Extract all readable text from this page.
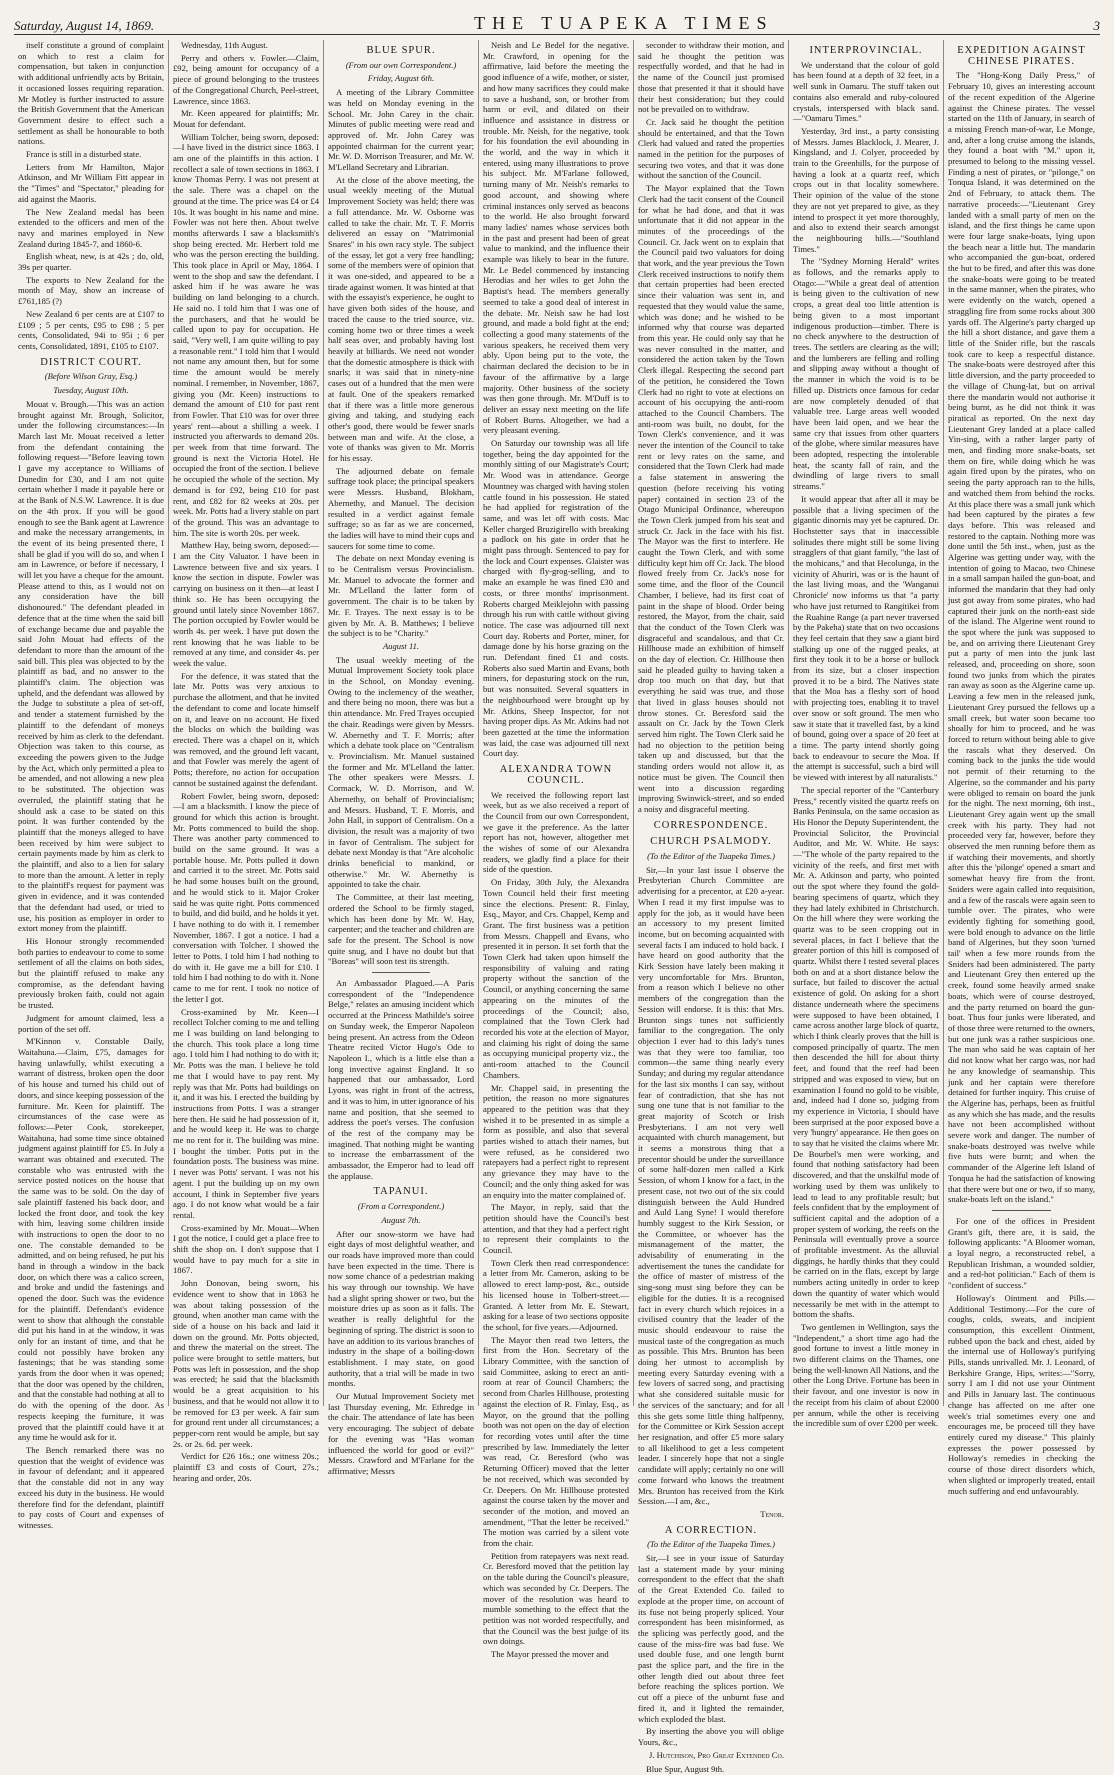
Saturday, August 14, 1869.	THE TUAPEKA TIMES	3

itself constitute a ground of complaint on which to rest a claim for compensation, but taken in conjunction with additional unfriendly acts by Britain, it occasioned losses requiring reparation. Mr Motley is further instructed to assure the British Government that the American Government desire to effect such a settlement as shall be honourable to both nations.

France is still in a disturbed state.

Letters from Mr Hamilton, Major Atkinson, and Mr William Fitt appear in the "Times" and "Spectator," pleading for aid against the Maoris.

The New Zealand medal has been extended to the officers and men of the navy and marines employed in New Zealand during 1845-7, and 1860-6.

English wheat, new, is at 42s ; do, old, 39s per quarter.

The exports to New Zealand for the month of May, show an increase of £761,185 (?)

New Zealand 6 per cents are at £107 to £109 ; 5 per cents, £95 to £98 ; 5 per cents, Consolidated, 94i to 95i ; 6 per cents, Consolidated, 1891, £105 to £107.

DISTRICT COURT.
(Before Wilson Gray, Esq.)
Tuesday, August 10th.

Mouat v. Brough.—This was an action brought against Mr. Brough, Solicitor, under the following circumstances:—In March last Mr. Mouat received a letter from the defendant containing the following request—"Before leaving town I gave my acceptance to Williams of Dunedin for £30, and I am not quite certain whether I made it payable here or at the Bank of N.S.W. Lawrence. It is due on the 4th prox. If you will be good enough to see the Bank agent at Lawrence and make the necessary arrangements, in the event of its being presented there, I shall be glad if you will do so, and when I am in Lawrence, or before if necessary, I will let you have a cheque for the amount. Please attend to this, as I would not on any consideration have the bill dishonoured." The defendant pleaded in defence that at the time when the said bill of exchange became due and payable the said John Mouat had effects of the defendant to more than the amount of the said bill. This plea was objected to by the plaintiff as bad, and no answer to the plaintiff's claim. The objection was upheld, and the defendant was allowed by the Judge to substitute a plea of set-off, and tender a statement furnished by the plaintiff to the defendant of moneys received by him as clerk to the defendant. Objection was taken to this course, as exceeding the powers given to the Judge by the Act, which only permitted a plea to be amended, and not allowing a new plea to be substituted. The objection was overruled, the plaintiff stating that he should ask a case to be stated on this point. It was further contended by the plaintiff that the moneys alleged to have been received by him were subject to certain payments made by him as clerk to the plaintiff, and also to a lien for salary to more than the amount. A letter in reply to the plaintiff's request for payment was given in evidence, and it was contended that the defendant had used, or tried to use, his position as employer in order to extort money from the plaintiff.

His Honour strongly recommended both parties to endeavour to come to some settlement of all the claims on both sides, but the plaintiff refused to make any compromise, as the defendant having previously broken faith, could not again be trusted.

Judgment for amount claimed, less a portion of the set off.

M'Kinnon v. Constable Daily, Waitahuna.—Claim, £75, damages for having unlawfully, whilst executing a warrant of distress, broken open the door of his house and turned his child out of doors, and since keeping possession of the furniture. Mr. Keen for plaintiff. The circumstances of the case were as follows:—Peter Cook, storekeeper, Waitahuna, had some time since obtained judgment against plaintiff for £5. In July a warrant was obtained and executed. The constable who was entrusted with the service posted notices on the house that the same was to be sold. On the day of sale plaintiff fastened his back door, and locked the front door, and took the key with him, leaving some children inside with instructions to open the door to no one. The constable demanded to be admitted, and on being refused, he put his hand in through a window in the back door, on which there was a calico screen, and broke and undid the fastenings and opened the door. Such was the evidence for the plaintiff. Defendant's evidence went to show that although the constable did put his hand in at the window, it was only for an instant of time, and that he could not possibly have broken any fastenings; that he was standing some yards from the door when it was opened; that the door was opened by the children, and that the constable had nothing at all to do with the opening of the door. As respects keeping the furniture, it was proved that the plaintiff could have it at any time he would ask for it.

The Bench remarked there was no question that the weight of evidence was in favour of defendant; and it appeared that the constable did not in any way exceed his duty in the business. He would therefore find for the defendant, plaintiff to pay costs of Court and expenses of witnesses.

Wednesday, 11th August.

Perry and others v. Fowler.—Claim, £92, being amount for occupancy of a piece of ground belonging to the trustees of the Congregational Church, Peel-street, Lawrence, since 1863.

Mr. Keen appeared for plaintiffs; Mr. Mouat for defendant.

William Tolcher, being sworn, deposed:—I have lived in the district since 1863. I am one of the plaintiffs in this action. I recollect a sale of town sections in 1863. I know Thomas Perry. I was not present at the sale. There was a chapel on the ground at the time. The price was £4 or £4 10s. It was bought in his name and mine. Fowler was not here then. About twelve months afterwards I saw a blacksmith's shop being erected. Mr. Herbert told me who was the person erecting the building. This took place in April or May, 1864. I went to the shop and saw the defendant. I asked him if he was aware he was building on land belonging to a church. He said no. I told him that I was one of the purchasers, and that he would be called upon to pay for occupation. He said, "Very well, I am quite willing to pay a reasonable rent." I told him that I would not name any amount then, but for some time the amount would be merely nominal. I remember, in November, 1867, giving you (Mr. Keen) instructions to demand the amount of £10 for past rent from Fowler. That £10 was for over three years' rent—about a shilling a week. I instructed you afterwards to demand 20s. per week from that time forward. The ground is next the Victoria Hotel. He occupied the front of the section. I believe he occupied the whole of the section. My demand is for £92, being £10 for past rent, and £82 for 82 weeks at 20s. per week. Mr. Potts had a livery stable on part of the ground. This was an advantage to him. The site is worth 20s. per week.

Matthew Hay, being sworn, deposed:—I am the City Valuator. I have been in Lawrence between five and six years. I know the section in dispute. Fowler was carrying on business on it then—at least I think so. He has been occupying the ground until lately since November 1867. The portion occupied by Fowler would be worth 4s. per week. I have put down the rent knowing that he was liable to be removed at any time, and consider 4s. per week the value.

For the defence, it was stated that the late Mr. Potts was very anxious to purchase the allotment, and that he invited the defendant to come and locate himself on it, and leave on no account. He fixed the blocks on which the building was erected. There was a chapel on it, which was removed, and the ground left vacant, and that Fowler was merely the agent of Potts; therefore, no action for occupation cannot be sustained against the defendant.

Robert Fowler, being sworn, deposed:—I am a blacksmith. I know the piece of ground for which this action is brought. Mr. Potts commenced to build the shop. There was another party commenced to build on the same ground. It was a portable house. Mr. Potts pulled it down and carried it to the street. Mr. Potts said he had some houses built on the ground, and he would stick to it. Major Croker said he was quite right. Potts commenced to build, and did build, and he holds it yet. I have nothing to do with it. I remember November, 1867. I got a notice. I had a conversation with Tolcher. I showed the letter to Potts. I told him I had nothing to do with it. He gave me a bill for £10. I told him I had nothing to do with it. None came to me for rent. I took no notice of the letter I got.

Cross-examined by Mr. Keen—I recollect Tolcher coming to me and telling me I was building on land belonging to the church. This took place a long time ago. I told him I had nothing to do with it; Mr. Potts was the man. I believe he told me that I would have to pay rent. My reply was that Mr. Potts had buildings on it, and it was his. I erected the building by instructions from Potts. I was a stranger here then. He said he had possession of it, and he would keep it. He was to charge me no rent for it. The building was mine. I bought the timber. Potts put in the foundation posts. The business was mine. I never was Potts' servant. I was not his agent. I put the building up on my own account, I think in September five years ago. I do not know what would be a fair rental.

Cross-examined by Mr. Mouat—When I got the notice, I could get a place free to shift the shop on. I don't suppose that I would have to pay much for a site in 1867.

John Donovan, being sworn, his evidence went to show that in 1863 he was about taking possession of the ground, when another man came with the side of a house on his back and laid it down on the ground. Mr. Potts objected, and threw the material on the street. The police were brought to settle matters, but Potts was left in possession, and the shop was erected; he said that the blacksmith would be a great acquisition to his business, and that he would not allow it to be removed for £3 per week. A fair sum for ground rent under all circumstances; a pepper-corn rent would be ample, but say 2s. or 2s. 6d. per week.

Verdict for £26 16s.; one witness 20s.; plaintiff £3 and costs of Court, 27s.; hearing and order, 20s.

BLUE SPUR.
(From our own Correspondent.)
Friday, August 6th.

A meeting of the Library Committee was held on Monday evening in the School. Mr. John Carey in the chair. Minutes of public meeting were read and approved of. Mr. John Carey was appointed chairman for the current year; Mr. W. D. Morrison Treasurer, and Mr. W. M'Lelland Secretary and Librarian.

At the close of the above meeting, the usual weekly meeting of the Mutual Improvement Society was held; there was a full attendance. Mr. W. Osborne was called to take the chair. Mr. T. F. Morris delivered an essay on "Matrimonial Snares" in his own racy style. The subject of the essay, let got a very free handling; some of the members were of opinion that it was one-sided, and appeared to be a tirade against women. It was hinted at that with the essayist's experience, he ought to have given both sides of the house, and traced the cause to the tried source, viz. coming home two or three times a week half seas over, and probably having lost heavily at billiards. We need not wonder that the domestic atmosphere is thick with snarls; it was said that in ninety-nine cases out of a hundred that the men were at fault. One of the speakers remarked that if there was a little more generous giving and taking, and studying each other's good, there would be fewer snarls between man and wife. At the close, a vote of thanks was given to Mr. Morris for his essay.

The adjourned debate on female suffrage took place; the principal speakers were Messrs. Husband, Blokham, Abernethy, and Manuel. The decision resulted in a verdict against female suffrage; so as far as we are concerned, the ladies will have to mind their cups and saucers for some time to come.

The debate on next Monday evening is to be Centralism versus Provincialism. Mr. Manuel to advocate the former and Mr. M'Lelland the latter form of government. The chair is to be taken by Mr. F. Trayes. The next essay is to be given by Mr. A. B. Matthews; I believe the subject is to be "Charity."

August 11.

The usual weekly meeting of the Mutual Improvement Society took place in the School, on Monday evening. Owing to the inclemency of the weather, and there being no moon, there was but a thin attendance. Mr. Fred Trayes occupied the chair. Readings were given by Messrs. W. Abernethy and T. F. Morris; after which a debate took place on "Centralism v. Provincialism. Mr. Manuel sustained the former and Mr. M'Lelland the latter. The other speakers were Messrs. J. Cormack, W. D. Morrison, and W. Abernethy, on behalf of Provincialism; and Messrs. Husband, T. F. Morris, and John Hall, in support of Centralism. On a division, the result was a majority of two in favor of Centralism. The subject for debate next Monday is that "Are alcoholic drinks beneficial to mankind, or otherwise." Mr. W. Abernethy is appointed to take the chair.

The Committee, at their last meeting, ordered the School to be firmly staged, which has been done by Mr. W. Hay, carpenter; and the teacher and children are safe for the present. The School is now quite snug, and I have no doubt but that "Boreas" will soon test its strength.

An Ambassador Plagued.—A Paris correspondent of the "Independence Belge," relates an amusing incident which occurred at the Princess Mathilde's soiree on Sunday week, the Emperor Napoleon being present. An actress from the Odeon Theatre recited Victor Hugo's Ode to Napoleon I., which is a little else than a long invective against England. It so happened that our ambassador, Lord Lyons, was right in front of the actress, and it was to him, in utter ignorance of his name and position, that she seemed to address the poet's verses. The confusion of the rest of the company may be imagined. That nothing might be wanting to increase the embarrassment of the ambassador, the Emperor had to lead off the applause.

TAPANUI.
(From a Correspondent.)
August 7th.

After our snow-storm we have had eight days of most delightful weather, and our roads have improved more than could have been expected in the time. There is now some chance of a pedestrian making his way through our township. We have had a slight spring shower or two, but the moisture dries up as soon as it falls. The weather is really delightful for the beginning of spring. The district is soon to have an addition to its various branches of industry in the shape of a boiling-down establishment. I may state, on good authority, that a trial will be made in two months.

Our Mutual Improvement Society met last Thursday evening, Mr. Ethredge in the chair. The attendance of late has been very encouraging. The subject of debate for the evening was "Has woman influenced the world for good or evil?" Messrs. Crawford and M'Farlane for the affirmative; Messrs

Neish and Le Bedel for the negative. Mr. Crawford, in opening for the affirmative, laid before the meeting the good influence of a wife, mother, or sister, and how many sacrifices they could make to save a husband, son, or brother from harm or evil, and dilated on their influence and assistance in distress or trouble. Mr. Neish, for the negative, took for his foundation the evil abounding in the world, and the way in which it entered, using many illustrations to prove his subject. Mr. M'Farlane followed, turning many of Mr. Neish's remarks to good account, and showing where criminal instances only served as beacons to the world. He also brought forward many ladies' names whose services both in the past and present had been of great value to mankind, and the influence their example was likely to bear in the future. Mr. Le Bedel commenced by instancing Herodias and her wiles to get John the Baptist's head. The members generally seemed to take a good deal of interest in the debate. Mr. Neish saw he had lost ground, and made a bold fight at the end; collecting a good many statements of the various speakers, he received them very ably. Upon being put to the vote, the chairman declared the decision to be in favour of the affirmative by a large majority. Other business of the society was then gone through. Mr. M'Duff is to deliver an essay next meeting on the life of Robert Burns. Altogether, we had a very pleasant evening.

On Saturday our township was all life together, being the day appointed for the monthly sitting of our Magistrate's Court; Mr. Wood was in attendance. George Mountney was charged with having stolen cattle found in his possession. He stated he had applied for registration of the same, and was let off with costs. Mac Keller charged Bruzigirello with breaking a padlock on his gate in order that he might pass through. Sentenced to pay for the lock and Court expenses. Glaister was charged with fly-grog-selling, and to make an example he was fined £30 and costs, or three months' imprisonment. Roberts charged Meiklejohn with passing through his run with cattle without giving notice. The case was adjourned till next Court day. Roberts and Porter, miner, for damage done by his horse grazing on the run. Defendant fined £1 and costs. Roberts also sued Martin and Evans, both miners, for depasturing stock on the run, but was nonsuited. Several squatters in the neighbourhood were brought up by Mr. Atkins, Sheep Inspector, for not having proper dips. As Mr. Atkins had not been gazetted at the time the information was laid, the case was adjourned till next Court day.

ALEXANDRA TOWN COUNCIL.

We received the following report last week, but as we also received a report of the Council from our own Correspondent, we gave it the preference. As the latter report has not, however, altogether met the wishes of some of our Alexandra readers, we gladly find a place for their side of the question.

On Friday, 30th July, the Alexandra Town Council held their first meeting since the elections. Present: R. Finlay, Esq., Mayor, and Crs. Chappel, Kemp and Grant. The first business was a petition from Messrs. Chappell and Evans, who presented it in person. It set forth that the Town Clerk had taken upon himself the responsibility of valuing and rating property without the sanction of the Council, or anything concerning the same appearing on the minutes of the proceedings of the Council; also, complained that the Town Clerk had recorded his vote at the election of Mayor, and claiming his right of doing the same as occupying municipal property viz., the anti-room attached to the Council Chambers.

Mr. Chappel said, in presenting the petition, the reason no more signatures appeared to the petition was that they wished it to be presented in as simple a form as possible, and also that several parties wished to attach their names, but were refused, as he considered two ratepayers had a perfect right to represent any grievance they may have to the Council; and the only thing asked for was an enquiry into the matter complained of.

The Mayor, in reply, said that the petition should have the Council's best attention, and that they had a perfect right to represent their complaints to the Council.

Town Clerk then read correspondence: a letter from Mr. Cameron, asking to be allowed to erect lamp-post, &c., outside his licensed house in Tolbert-street.—Granted. A letter from Mr. E. Stewart, asking for a lease of two sections opposite the school, for five years.—Adjourned.

The Mayor then read two letters, the first from the Hon. Secretary of the Library Committee, with the sanction of said Committee, asking to erect an anti-room at rear of Council Chambers; the second from Charles Hillhouse, protesting against the election of R. Finlay, Esq., as Mayor, on the ground that the polling booth was not open on the day of election for recording votes until after the time prescribed by law. Immediately the letter was read, Cr. Beresford (who was Returning Officer) moved that the letter be not received, which was seconded by Cr. Deepers. On Mr. Hillhouse protested against the course taken by the mover and seconder of the motion, and moved an amendment, "That the letter be received." The motion was carried by a silent vote from the chair.

Petition from ratepayers was next read. Cr. Beresford moved that the petition lay on the table during the Council's pleasure, which was seconded by Cr. Deepers. The mover of the resolution was heard to mumble something to the effect that the petition was not worded respectfully, and that the Council was the best judge of its own doings.

The Mayor pressed the mover and

seconder to withdraw their motion, and said he thought the petition was respectfully worded, and that he had in the name of the Council just promised those that presented it that it should have their best consideration; but they could not be prevailed on to withdraw.

Cr. Jack said he thought the petition should be entertained, and that the Town Clerk had valued and rated the properties named in the petition for the purposes of securing two votes, and that it was done without the sanction of the Council.

The Mayor explained that the Town Clerk had the tacit consent of the Council for what he had done, and that it was unfortunate that it did not appear in the minutes of the proceedings of the Council. Cr. Jack went on to explain that the Council paid two valuators for doing that work, and the year previous the Town Clerk received instructions to notify them that certain properties had been erected since their valuation was sent in, and requested that they would value the same, which was done; and he wished to be informed why that course was departed from this year. He could only say that he was never consulted in the matter, and considered the action taken by the Town Clerk illegal. Respecting the second part of the petition, he considered the Town Clerk had no right to vote at elections on account of his occupying the anti-room attached to the Council Chambers. The anti-room was built, no doubt, for the Town Clerk's convenience, and it was never the intention of the Council to take rent or levy rates on the same, and considered that the Town Clerk had made a false statement in answering the question (before receiving his voting paper) contained in section 23 of the Otago Municipal Ordinance, whereupon the Town Clerk jumped from his seat and struck Cr. Jack in the face with his fist. The Mayor was the first to interfere. He caught the Town Clerk, and with some difficulty kept him off Cr. Jack. The blood flowed freely from Cr. Jack's nose for some time, and the floor of the Council Chamber, I believe, had its first coat of paint in the shape of blood. Order being restored, the Mayor, from the chair, said that the conduct of the Town Clerk was disgraceful and scandalous, and that Cr. Hillhouse made an exhibition of himself on the day of election. Cr. Hillhouse then said he pleaded guilty to having taken a drop too much on that day, but that everything he said was true, and those that lived in glass houses should not throw stones. Cr. Beresford said the assault on Cr. Jack by the Town Clerk served him right. The Town Clerk said he had no objection to the petition being taken up and discussed, but that the standing orders would not allow it, as notice must be given. The Council then went into a discussion regarding improving Swinwick-street, and so ended a noisy and disgraceful meeting.

CORRESPONDENCE.
CHURCH PSALMODY.
(To the Editor of the Tuapeka Times.)

Sir,—In your last issue I observe the Presbyterian Church Committee are advertising for a precentor, at £20 a-year. When I read it my first impulse was to apply for the job, as it would have been an accessory to my present limited income, but on becoming acquainted with several facts I am induced to hold back. I have heard on good authority that the Kirk Session have lately been making it very uncomfortable for Mrs. Brunton, from a reason which I believe no other members of the congregation than the Session will endorse. It is this: that Mrs. Brunton sings tunes not sufficiently familiar to the congregation. The only objection I ever had to this lady's tunes was that they were too familiar, too common—the same thing nearly every Sunday; and during my regular attendance for the last six months I can say, without fear of contradiction, that she has not sung one tune that is not familiar to the great majority of Scotch or Irish Presbyterians. I am not very well acquainted with church management, but it seems a monstrous thing that a precentor should be under the surveillance of some half-dozen men called a Kirk Session, of whom I know for a fact, in the present case, not two out of the six could distinguish between the Auld Hundred and Auld Lang Syne! I would therefore humbly suggest to the Kirk Session, or the Committee, or whoever has the mismanagement of the matter, the advisability of enumerating in the advertisement the tunes the candidate for the office of master of mistress of the sing-song must sing before they can be eligible for the duties. It is a recognised fact in every church which rejoices in a civilised country that the leader of the music should endeavour to raise the musical taste of the congregation as much as possible. This Mrs. Brunton has been doing her utmost to accomplish by meeting every Saturday evening with a few lovers of sacred song, and practising what she considered suitable music for the services of the sanctuary; and for all this she gets some little thing halfpenny, for the Committee or Kirk Session accept her resignation, and offer £5 more salary to all likelihood to get a less competent leader. I sincerely hope that not a single candidate will apply; certainly no one will come forward who knows the treatment Mrs. Brunton has received from the Kirk Session.—I am, &c.,

Tenor.
A CORRECTION.
(To the Editor of the Tuapeka Times.)

Sir,—I see in your issue of Saturday last a statement made by your mining correspondent to the effect that the shaft of the Great Extended Co. failed to explode at the proper time, on account of its fuse not being properly spliced. Your correspondent has been misinformed, as the splicing was perfectly good, and the cause of the miss-fire was bad fuse. We used double fuse, and one length burnt past the splice part, and the fire in the other length died out about three feet before reaching the splices portion. We cut off a piece of the unburnt fuse and fired it, and it lighted the remainder, which exploded the blast.

By inserting the above you will oblige Yours, &c.,

J. Hutchison, Pro Great Extended Co.

Blue Spur, August 9th.

INTERPROVINCIAL.

We understand that the colour of gold has been found at a depth of 32 feet, in a well sunk in Oamaru. The stuff taken out contains also emerald and ruby-coloured crystals, interspersed with black sand.—"Oamaru Times."

Yesterday, 3rd inst., a party consisting of Messrs. James Blacklock, J. Mearer, J. Kingsland, and J. Colyer, proceeded by train to the Greenhills, for the purpose of having a look at a quartz reef, which crops out in that locality somewhere. Their opinion of the value of the stone they are not yet prepared to give, as they intend to prospect it yet more thoroughly, and also to extend their search amongst the neighbouring hills.—"Southland Times."

The "Sydney Morning Herald" writes as follows, and the remarks apply to Otago:—"While a great deal of attention is being given to the cultivation of new crops, a great deal too little attention is being given to a most important indigenous production—timber. There is no check anywhere to the destruction of trees. The settlers are clearing as the will; and the lumberers are felling and rolling and slipping away without a thought of the manner in which the void is to be filled up. Districts once famous for cedar are now completely denuded of that valuable tree. Large areas well wooded have been laid open, and we hear the same cry that issues from other quarters of the globe, where similar measures have been adopted, respecting the intolerable heat, the scanty fall of rain, and the dwindling of large rivers to small streams."

It would appear that after all it may be possible that a living specimen of the gigantic dinornis may yet be captured. Dr. Hochstetter says that in inaccessible solitudes there might still be some living stragglers of that giant family, "the last of the mohicans," and that Hecolunga, in the vicinity of Ahuriri, was or is the haunt of the last living moas, and the 'Wanganui Chronicle' now informs us that "a party who have just returned to Rangitikei from the Ruahine Range (a part never traversed by the Pakeha) state that on two occasions they feel certain that they saw a giant bird stalking up one of the rugged peaks, at first they took it to be a horse or bullock from its size, but a closer inspection proved it to be a bird. The Natives state that the Moa has a fleshy sort of hood with projecting toes, enabling it to travel over snow or soft ground. The men who saw it state that it travelled fast, by a kind of bound, going over a space of 20 feet at a time. The party intend shortly going back to endeavour to secure the Moa. If the attempt is successful, such a bird will be viewed with interest by all naturalists."

The special reporter of the "Canterbury Press," recently visited the quartz reefs on Banks Peninsula, on the same occasion as His Honor the Deputy Superintendent, the Provincial Solicitor, the Provincial Auditor, and Mr. W. White. He says:—"The whole of the party repaired to the vicinity of the reefs, and first met with Mr. A. Atkinson and party, who pointed out the spot where they found the gold-bearing specimens of quartz, which they they had lately exhibited in Christchurch. On the hill where they were working the quartz was to be seen cropping out in several places, in fact I believe that the greater portion of this hill is composed of quartz. Whilst there I tested several places both on and at a short distance below the surface, but failed to discover the actual existence of gold. On asking for a short distance underneath where the specimens were supposed to have been obtained, I came across another large block of quartz, which I think clearly proves that the hill is composed principally of quartz. The men then descended the hill for about thirty feet, and found that the reef had been stripped and was exposed to view, but on examination I found no gold to be visible, and, indeed had I done so, judging from my experience in Victoria, I should have been surprised at the poor exposed bove a very 'hungry' appearance. He then goes on to say that he visited the claims where Mr. De Bourbel's men were working, and found that nothing satisfactory had been discovered, and that the unskilful mode of working used by them was unlikely to lead to lead to any profitable result; but feels confident that by the employment of sufficient capital and the adoption of a proper system of working, the reefs on the Peninsula will eventually prove a source of profitable investment. As the alluvial diggings, he hardly thinks that they could be carried on in the flats, except by large numbers acting unitedly in order to keep down the quantity of water which would necessarily be met with in the attempt to bottom the shafts.

Two gentlemen in Wellington, says the "Independent," a short time ago had the good fortune to invest a little money in two different claims on the Thames, one being the well-known All Nations, and the other the Long Drive. Fortune has been in their favour, and one investor is now in the receipt from his claim of about £2000 per annum, while the other is receiving the incredible sum of over £200 per week.

EXPEDITION AGAINST CHINESE PIRATES.

The "Hong-Kong Daily Press," of February 10, gives an interesting account of the recent expedition of the Algerine against the Chinese pirates. The vessel started on the 11th of January, in search of a missing French man-of-war, Le Monge, and, after a long cruise among the islands, they found a boat with "M." upon it, presumed to belong to the missing vessel. Finding a nest of pirates, or "pilonge," on Tonqua Island, it was determined on the 2nd of February, to attack them. The narrative proceeds:—"Lieutenant Grey landed with a small party of men on the island, and the first things he came upon were four large snake-boats, lying upon the beach near a little hut. The mandarin who accompanied the gun-boat, ordered the hut to be fired, and after this was done the snake-boats were going to be treated in the same manner, when the pirates, who were evidently on the watch, opened a straggling fire from some rocks about 300 yards off. The Algerine's party charged up the hill a short distance, and gave them a little of the Snider rifle, but the rascals took care to keep a respectful distance. The snake-boats were destroyed after this little diversion, and the party proceeded to the village of Chung-lat, but on arrival there the mandarin would not authorise it being burnt, as he did not think it was piratical as reported. On the next day Lieutenant Grey landed at a place called Yin-sing, with a rather larger party of men, and finding more snake-boats, set them on fire, while doing which he was again fired upon by the pirates, who on seeing the party approach ran to the hills, and watched them from behind the rocks. At this place there was a small junk which had been captured by the pirates a few days before. This was released and restored to the captain. Nothing more was done until the 5th inst., when, just as the Algerine was getting under way, with the intention of going to Macao, two Chinese in a small sampan hailed the gun-boat, and informed the mandarin that they had only just got away from some pirates, who had captured their junk on the north-east side of the island. The Algerine went round to the spot where the junk was supposed to be, and on arriving there Lieutenant Grey put a party of men into the junk last released, and, proceeding on shore, soon found two junks from which the pirates ran away as soon as the Algerine came up. Leaving a few men in the released junk, Lieutenant Grey pursued the fellows up a small creek, but water soon became too shoally for him to proceed, and he was forced to return without being able to give the rascals what they deserved. On coming back to the junks the tide would not permit of their returning to the Algerine, so the commander and his party were obliged to remain on board the junk for the night. The next morning, 6th inst., Lieutenant Grey again went up the small creek with his party. They had not proceeded very far, however, before they observed the men running before them as if watching their movements, and shortly after this the 'pilonge' opened a smart and somewhat heavy fire from the front. Sniders were again called into requisition, and a few of the rascals were again seen to tumble over. The pirates, who were evidently fighting for something good, were bold enough to advance on the little band of Algerines, but they soon 'turned tail' when a few more rounds from the Sniders had been administered. The party and Lieutenant Grey then entered up the creek, found some heavily armed snake boats, which were of course destroyed, and the party returned on board the gun-boat. Thus four junks were liberated, and of those three were returned to the owners, but one junk was a rather suspicious one. The man who said he was captain of her did not know what her cargo was, nor had he any knowledge of seamanship. This junk and her captain were therefore detained for further inquiry. This cruise of the Algerine has, perhaps, been as fruitful as any which she has made, and the results have not been accomplished without severe work and danger. The number of snake-boats destroyed was twelve while five huts were burnt; and when the commander of the Algerine left Island of Tonqua he had the satisfaction of knowing that there were but one or two, if so many, snake-boats left on the island."

For one of the offices in President Grant's gift, there are, it is said, the following applicants: "A Bloomer woman, a loyal negro, a reconstructed rebel, a Republican Irishman, a wounded soldier, and a red-hot politician." Each of them is "confident of success."

Holloway's Ointment and Pills.—Additional Testimony.—For the cure of coughs, colds, sweats, and incipient consumption, this excellent Ointment, rubbed upon the back and chest, aided by the internal use of Holloway's purifying Pills, stands unrivalled. Mr. J. Leonard, of Berkshire Grange, Hips, writes:—"Sorry, sorry I am I did not use your Ointment and Pills in January last. The continuous change has affected on me after one week's trial sometimes every one and encourages me, be proceed till they have entirely cured my disease." This plainly expresses the power possessed by Holloway's remedies in checking the course of those direct disorders which, when slighted or improperly treated, entail much suffering and end unfavourably.
